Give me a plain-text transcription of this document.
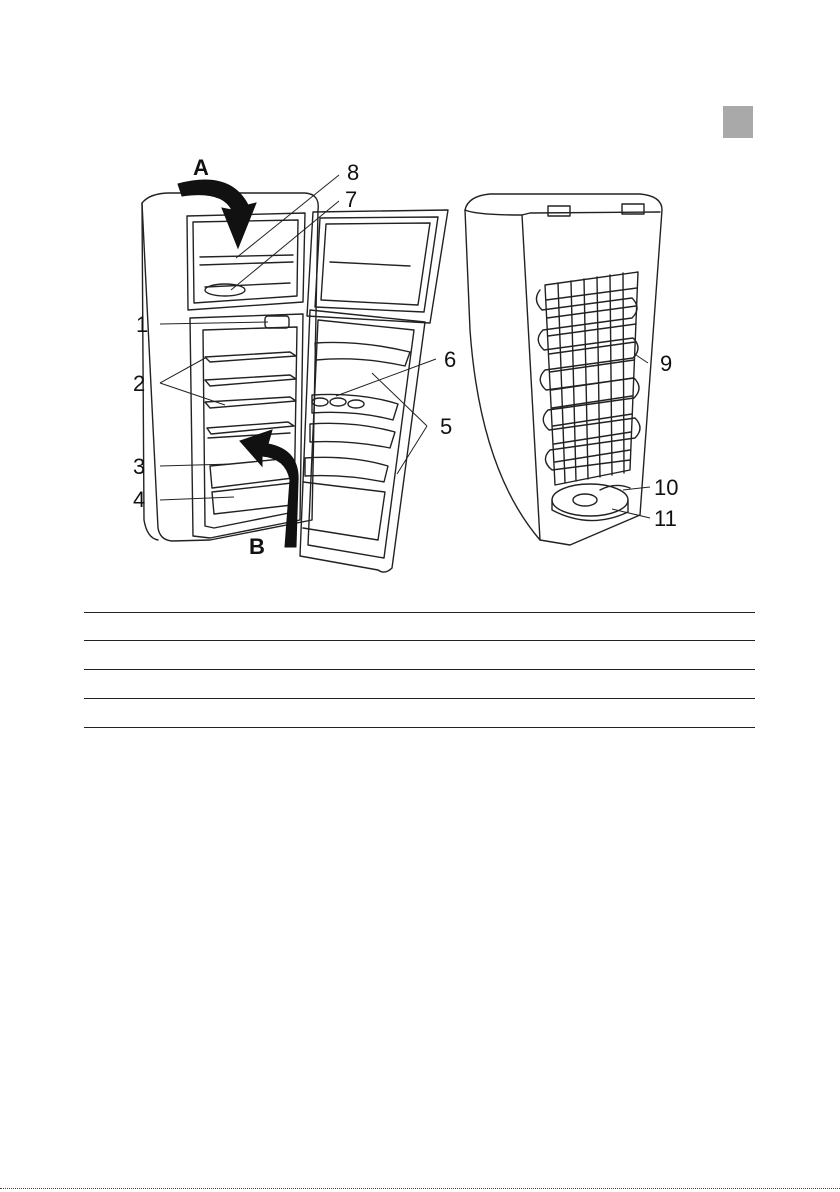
A
B
1
2
3
4
5
6
7
8
9
10
11
